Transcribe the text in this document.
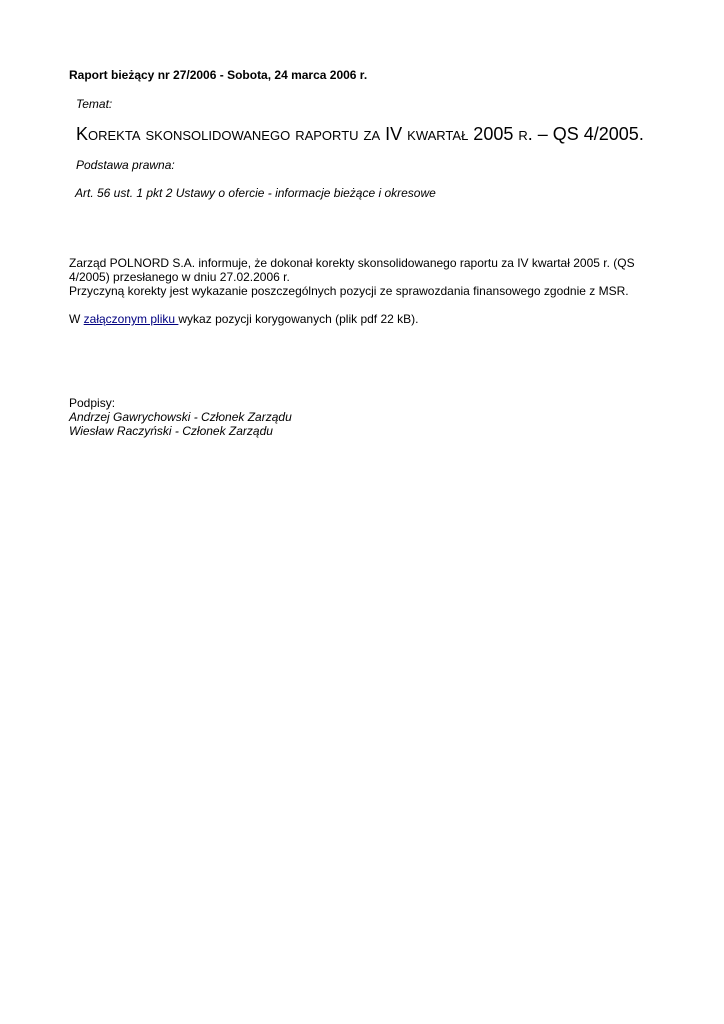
Raport bieżący nr 27/2006 - Sobota, 24 marca 2006 r.
Temat:
Korekta skonsolidowanego raportu za IV kwartał 2005 r. – QS 4/2005.
Podstawa prawna:
Art. 56 ust. 1 pkt 2 Ustawy o ofercie - informacje bieżące i okresowe

Zarząd POLNORD S.A. informuje, że dokonał korekty skonsolidowanego raportu za IV kwartał 2005 r. (QS 4/2005) przesłanego w dniu 27.02.2006 r.

Przyczyną korekty jest wykazanie poszczególnych pozycji ze sprawozdania finansowego zgodnie z MSR.

W załączonym pliku wykaz pozycji korygowanych (plik pdf 22 kB).
Podpisy:
Andrzej Gawrychowski - Członek Zarządu
Wiesław Raczyński - Członek Zarządu
